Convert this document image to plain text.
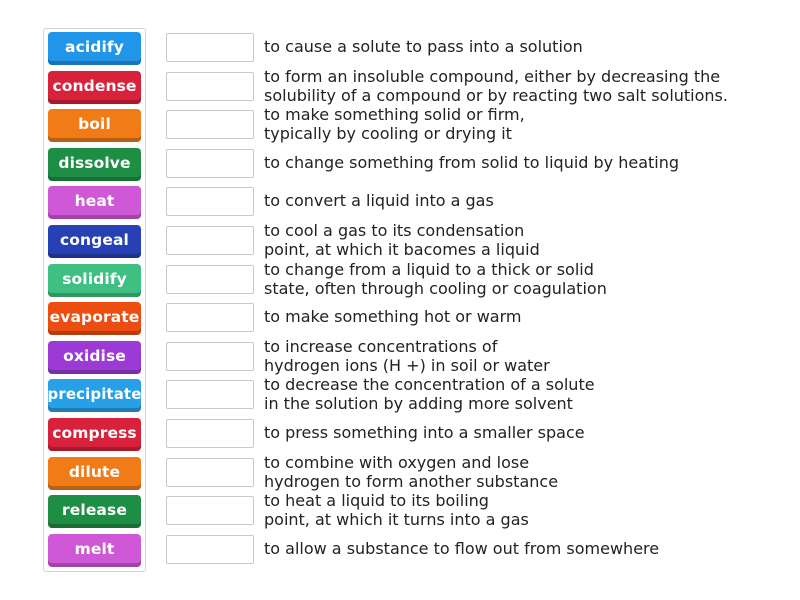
acidify
condense
boil
dissolve
heat
congeal
solidify
evaporate
oxidise
precipitate
compress
dilute
release
melt
to cause a solute to pass into a solution
to form an insoluble compound, either by decreasing the
solubility of a compound or by reacting two salt solutions.
to make something solid or firm,
typically by cooling or drying it
to change something from solid to liquid by heating
to convert a liquid into a gas
to cool a gas to its condensation
point, at which it bacomes a liquid
to change from a liquid to a thick or solid
state, often through cooling or coagulation
to make something hot or warm
to increase concentrations of
hydrogen ions (H +) in soil or water
to decrease the concentration of a solute
in the solution by adding more solvent
to press something into a smaller space
to combine with oxygen and lose
hydrogen to form another substance
to heat a liquid to its boiling
point, at which it turns into a gas
to allow a substance to flow out from somewhere
